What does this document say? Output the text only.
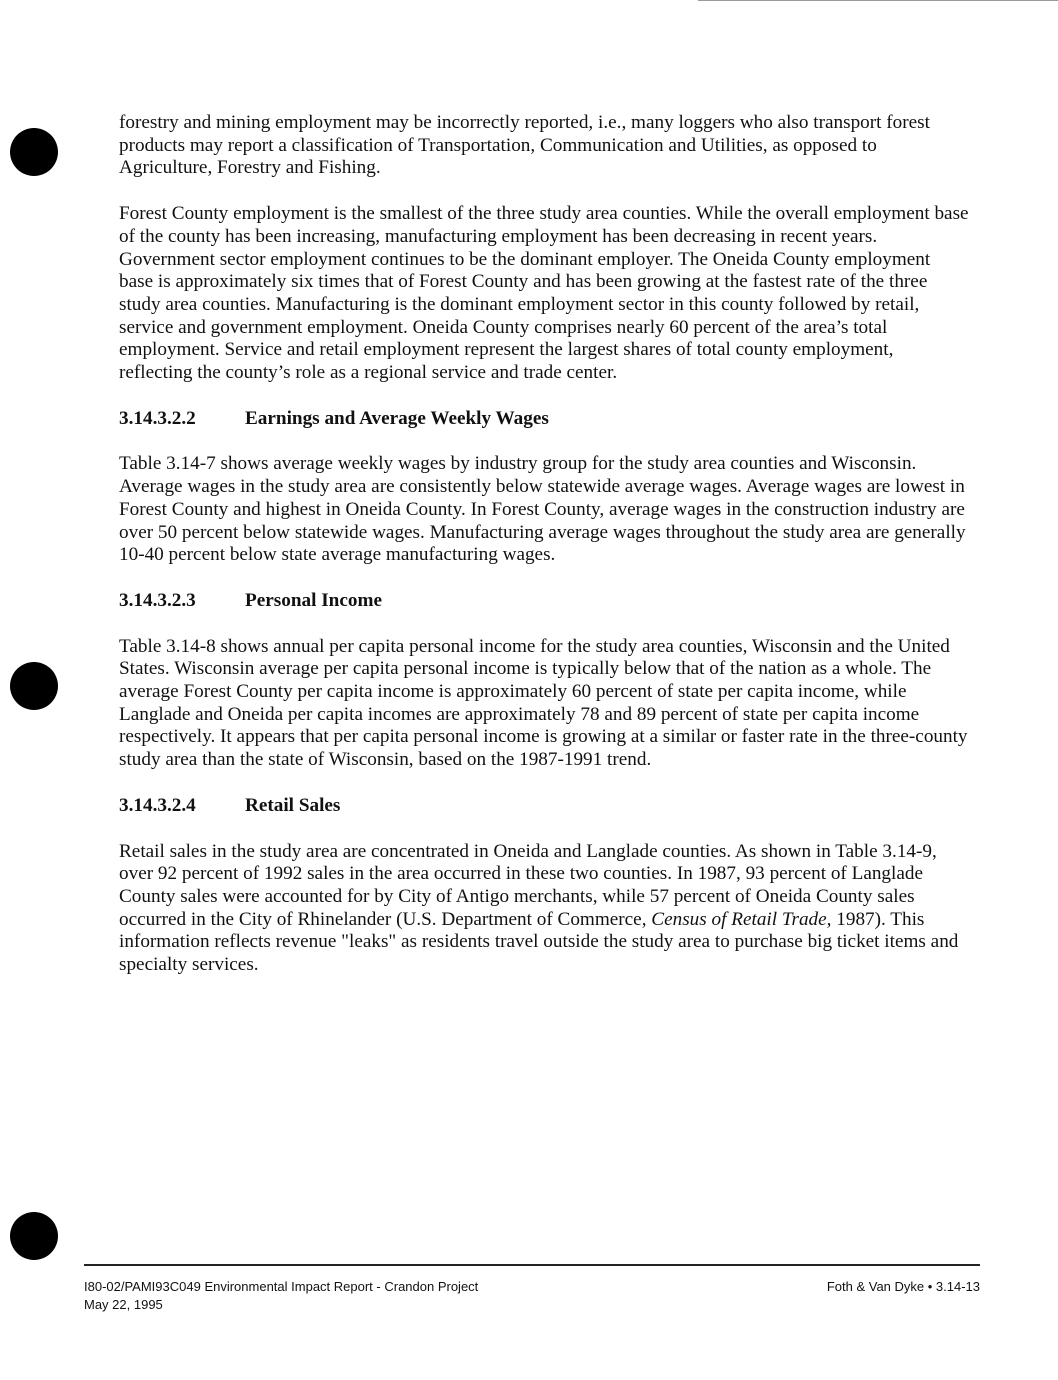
forestry and mining employment may be incorrectly reported, i.e., many loggers who also transport forest products may report a classification of Transportation, Communication and Utilities, as opposed to Agriculture, Forestry and Fishing.

Forest County employment is the smallest of the three study area counties. While the overall employment base of the county has been increasing, manufacturing employment has been decreasing in recent years. Government sector employment continues to be the dominant employer. The Oneida County employment base is approximately six times that of Forest County and has been growing at the fastest rate of the three study area counties. Manufacturing is the dominant employment sector in this county followed by retail, service and government employment. Oneida County comprises nearly 60 percent of the area’s total employment. Service and retail employment represent the largest shares of total county employment, reflecting the county’s role as a regional service and trade center.

3.14.3.2.2	Earnings and Average Weekly Wages

Table 3.14-7 shows average weekly wages by industry group for the study area counties and Wisconsin. Average wages in the study area are consistently below statewide average wages. Average wages are lowest in Forest County and highest in Oneida County. In Forest County, average wages in the construction industry are over 50 percent below statewide wages. Manufacturing average wages throughout the study area are generally 10-40 percent below state average manufacturing wages.

3.14.3.2.3	Personal Income

Table 3.14-8 shows annual per capita personal income for the study area counties, Wisconsin and the United States. Wisconsin average per capita personal income is typically below that of the nation as a whole. The average Forest County per capita income is approximately 60 percent of state per capita income, while Langlade and Oneida per capita incomes are approximately 78 and 89 percent of state per capita income respectively. It appears that per capita personal income is growing at a similar or faster rate in the three-county study area than the state of Wisconsin, based on the 1987-1991 trend.

3.14.3.2.4	Retail Sales

Retail sales in the study area are concentrated in Oneida and Langlade counties. As shown in Table 3.14-9, over 92 percent of 1992 sales in the area occurred in these two counties. In 1987, 93 percent of Langlade County sales were accounted for by City of Antigo merchants, while 57 percent of Oneida County sales occurred in the City of Rhinelander (U.S. Department of Commerce, Census of Retail Trade, 1987). This information reflects revenue "leaks" as residents travel outside the study area to purchase big ticket items and specialty services.

I80-02/PAMI93C049 Environmental Impact Report - Crandon Project
May 22, 1995
Foth & Van Dyke • 3.14-13
